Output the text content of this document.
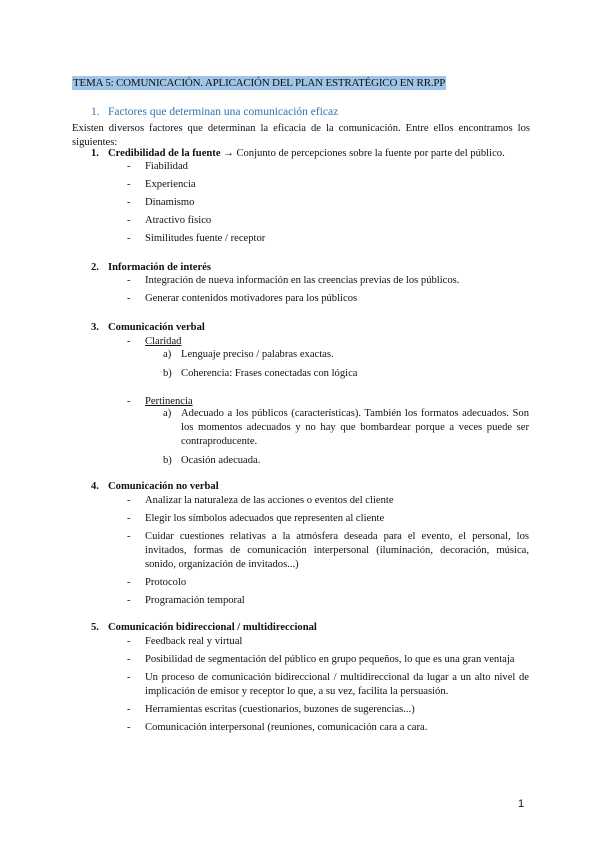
TEMA 5: COMUNICACIÓN. APLICACIÓN DEL PLAN ESTRATÉGICO EN RR.PP
1. Factores que determinan una comunicación eficaz
Existen diversos factores que determinan la eficacia de la comunicación. Entre ellos encontramos los siguientes:
1. Credibilidad de la fuente → Conjunto de percepciones sobre la fuente por parte del público.
- Fiabilidad
- Experiencia
- Dinamismo
- Atractivo físico
- Similitudes fuente / receptor
2. Información de interés
- Integración de nueva información en las creencias previas de los públicos.
- Generar contenidos motivadores para los públicos
3. Comunicación verbal
- Claridad
a) Lenguaje preciso / palabras exactas.
b) Coherencia: Frases conectadas con lógica
- Pertinencia
a) Adecuado a los públicos (características). También los formatos adecuados. Son los momentos adecuados y no hay que bombardear porque a veces puede ser contraproducente.
b) Ocasión adecuada.
4. Comunicación no verbal
- Analizar la naturaleza de las acciones o eventos del cliente
- Elegir los símbolos adecuados que representen al cliente
- Cuidar cuestiones relativas a la atmósfera deseada para el evento, el personal, los invitados, formas de comunicación interpersonal (iluminación, decoración, música, sonido, organización de invitados...)
- Protocolo
- Programación temporal
5. Comunicación bidireccional / multidireccional
- Feedback real y virtual
- Posibilidad de segmentación del público en grupo pequeños, lo que es una gran ventaja
- Un proceso de comunicación bidireccional / multidireccional da lugar a un alto nivel de implicación de emisor y receptor lo que, a su vez, facilita la persuasión.
- Herramientas escritas (cuestionarios, buzones de sugerencias...)
- Comunicación interpersonal (reuniones, comunicación cara a cara.
1
